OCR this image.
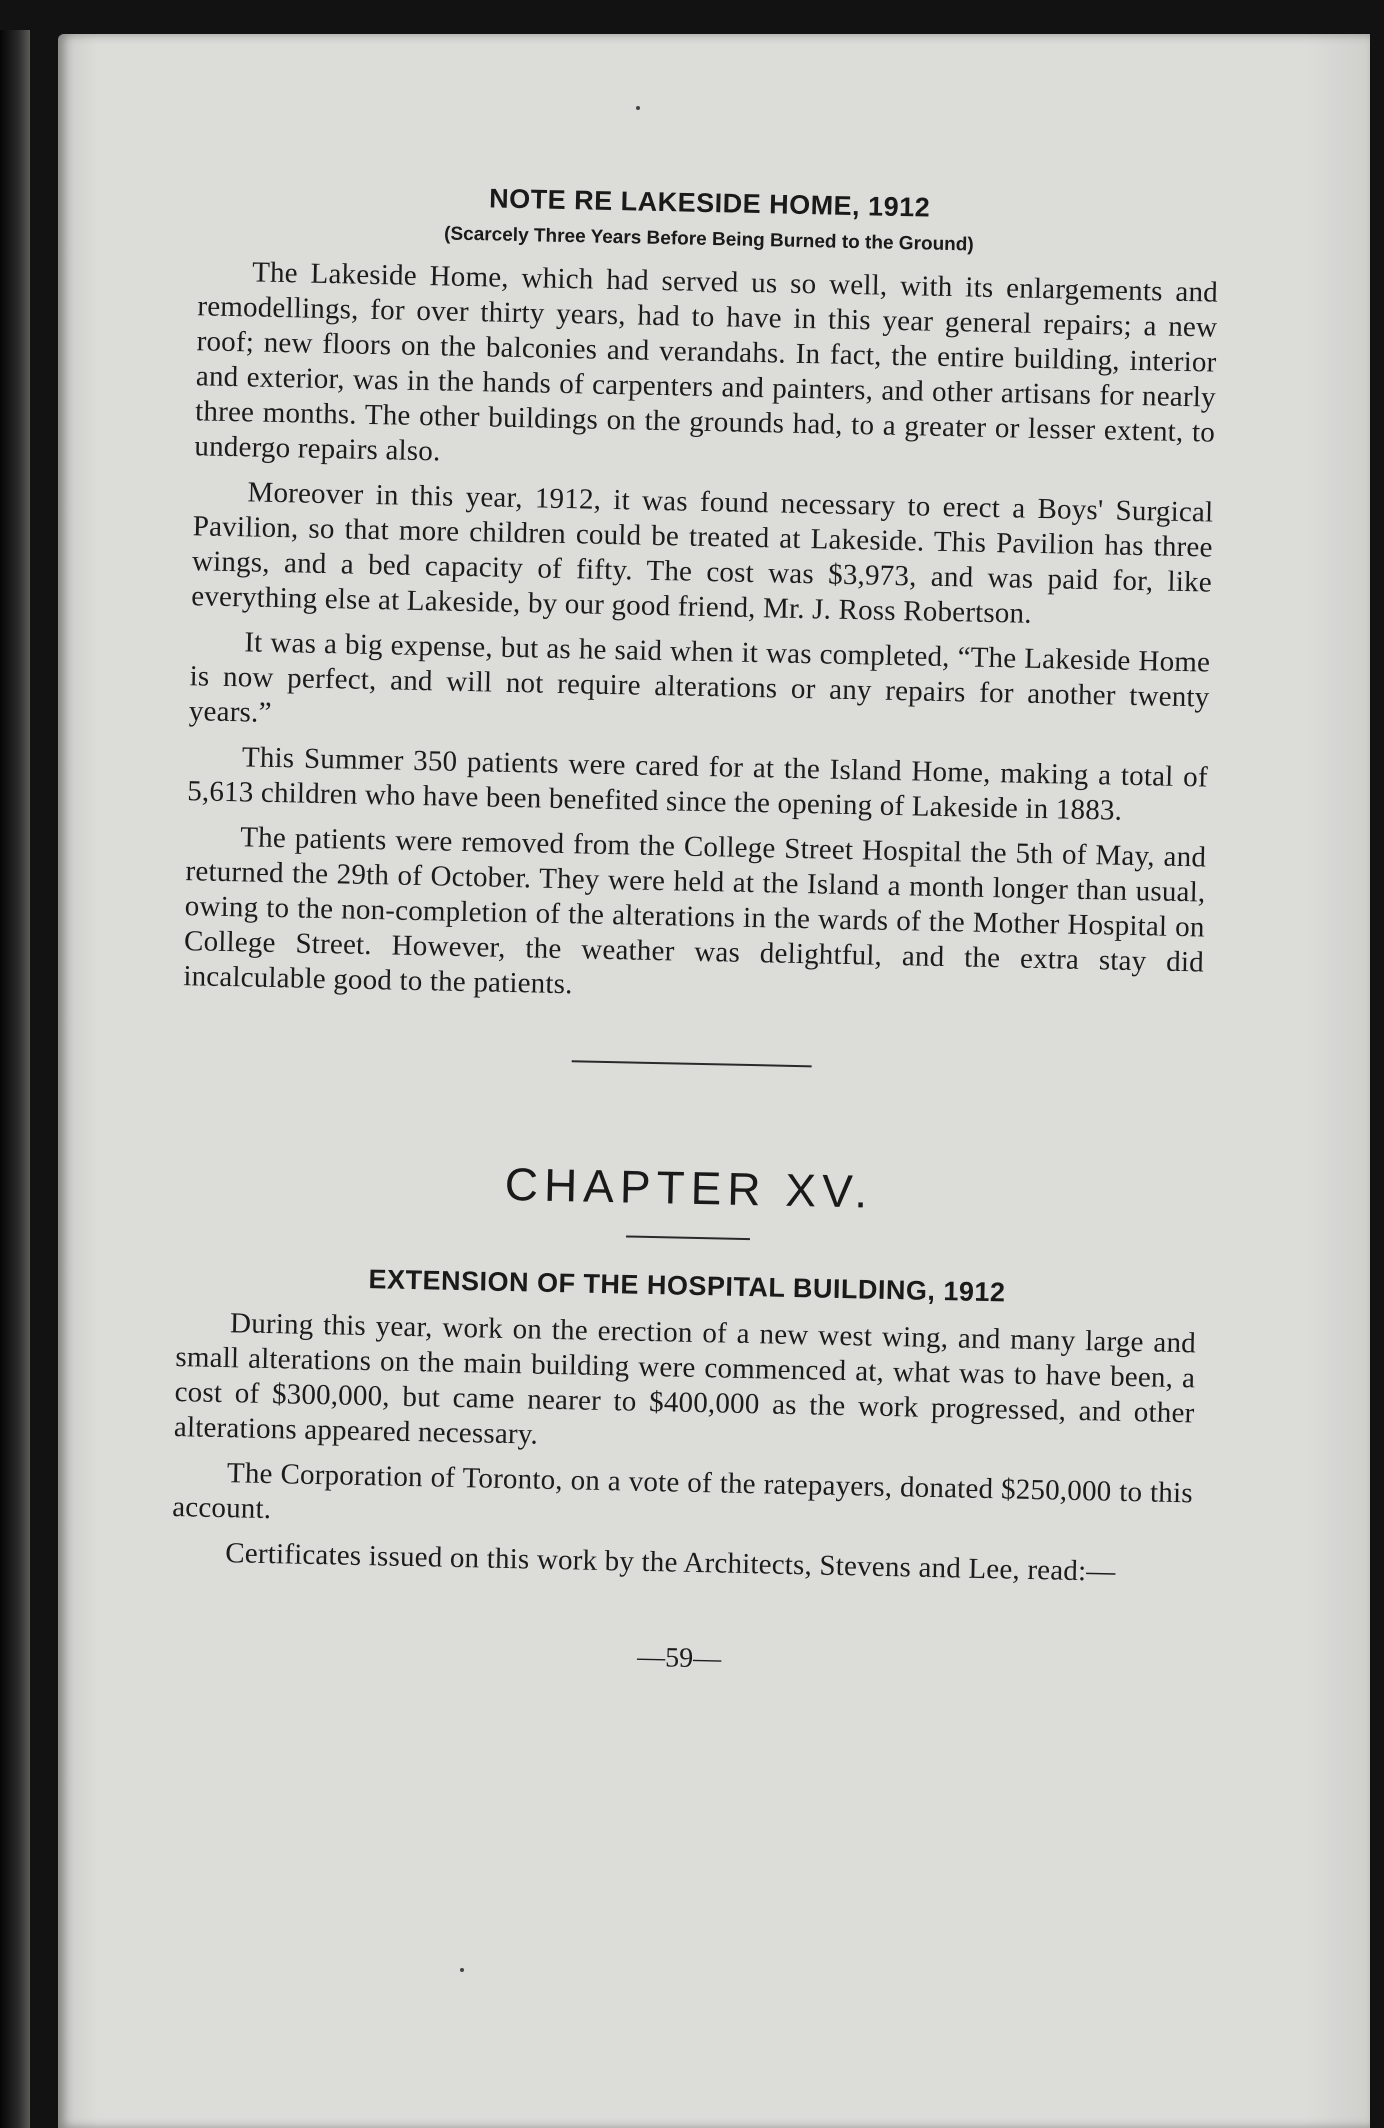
NOTE RE LAKESIDE HOME, 1912
(Scarcely Three Years Before Being Burned to the Ground)

The Lakeside Home, which had served us so well, with its enlargements and remodellings, for over thirty years, had to have in this year general repairs; a new roof; new floors on the balconies and verandahs. In fact, the entire building, interior and exterior, was in the hands of carpenters and painters, and other artisans for nearly three months. The other buildings on the grounds had, to a greater or lesser extent, to undergo repairs also.

Moreover in this year, 1912, it was found necessary to erect a Boys' Surgical Pavilion, so that more children could be treated at Lakeside. This Pavilion has three wings, and a bed capacity of fifty. The cost was $3,973, and was paid for, like everything else at Lakeside, by our good friend, Mr. J. Ross Robertson.

It was a big expense, but as he said when it was completed, “The Lakeside Home is now perfect, and will not require alterations or any repairs for another twenty years.”

This Summer 350 patients were cared for at the Island Home, making a total of 5,613 children who have been benefited since the opening of Lakeside in 1883.

The patients were removed from the College Street Hospital the 5th of May, and returned the 29th of October. They were held at the Island a month longer than usual, owing to the non-completion of the alterations in the wards of the Mother Hospital on College Street. However, the weather was delightful, and the extra stay did incalculable good to the patients.

CHAPTER XV.
EXTENSION OF THE HOSPITAL BUILDING, 1912

During this year, work on the erection of a new west wing, and many large and small alterations on the main building were commenced at, what was to have been, a cost of $300,000, but came nearer to $400,000 as the work progressed, and other alterations appeared necessary.

The Corporation of Toronto, on a vote of the ratepayers, donated $250,000 to this account.

Certificates issued on this work by the Architects, Stevens and Lee, read:—

—59—
